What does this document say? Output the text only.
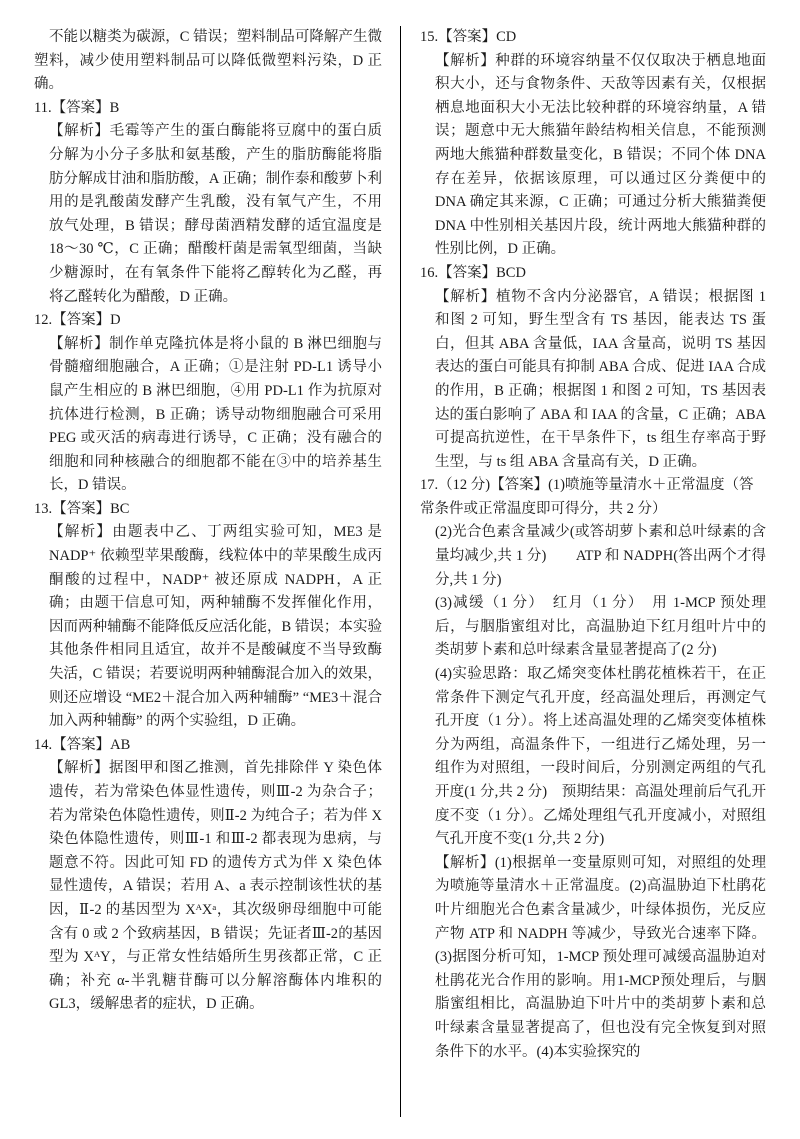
不能以糖类为碳源，C 错误；塑料制品可降解产生微塑料，减少使用塑料制品可以降低微塑料污染，D 正确。

11.【答案】B

【解析】毛霉等产生的蛋白酶能将豆腐中的蛋白质分解为小分子多肽和氨基酸，产生的脂肪酶能将脂肪分解成甘油和脂肪酸，A 正确；制作泰和酸萝卜利用的是乳酸菌发酵产生乳酸，没有氧气产生，不用放气处理，B 错误；酵母菌酒精发酵的适宜温度是 18～30 ℃，C 正确；醋酸杆菌是需氧型细菌，当缺少糖源时，在有氧条件下能将乙醇转化为乙醛，再将乙醛转化为醋酸，D 正确。

12.【答案】D

【解析】制作单克隆抗体是将小鼠的 B 淋巴细胞与骨髓瘤细胞融合，A 正确；①是注射 PD-L1 诱导小鼠产生相应的 B 淋巴细胞，④用 PD-L1 作为抗原对抗体进行检测，B 正确；诱导动物细胞融合可采用 PEG 或灭活的病毒进行诱导，C 正确；没有融合的细胞和同种核融合的细胞都不能在③中的培养基生长，D 错误。

13.【答案】BC

【解析】由题表中乙、丁两组实验可知，ME3 是 NADP⁺ 依赖型苹果酸酶，线粒体中的苹果酸生成丙酮酸的过程中，NADP⁺ 被还原成 NADPH，A 正确；由题干信息可知，两种辅酶不发挥催化作用，因而两种辅酶不能降低反应活化能，B 错误；本实验其他条件相同且适宜，故并不是酸碱度不当导致酶失活，C 错误；若要说明两种辅酶混合加入的效果，则还应增设 “ME2＋混合加入两种辅酶” “ME3＋混合加入两种辅酶” 的两个实验组，D 正确。

14.【答案】AB

【解析】据图甲和图乙推测，首先排除伴 Y 染色体遗传，若为常染色体显性遗传，则Ⅲ-2 为杂合子；若为常染色体隐性遗传，则Ⅱ-2 为纯合子；若为伴 X 染色体隐性遗传，则Ⅲ-1 和Ⅲ-2 都表现为患病，与题意不符。因此可知 FD 的遗传方式为伴 X 染色体显性遗传，A 错误；若用 A、a 表示控制该性状的基因，Ⅱ-2 的基因型为 XᴬXᵃ，其次级卵母细胞中可能含有 0 或 2 个致病基因，B 错误；先证者Ⅲ-2的基因型为 XᴬY，与正常女性结婚所生男孩都正常，C 正确；补充 α-半乳糖苷酶可以分解溶酶体内堆积的 GL3，缓解患者的症状，D 正确。

15.【答案】CD

【解析】种群的环境容纳量不仅仅取决于栖息地面积大小，还与食物条件、天敌等因素有关，仅根据栖息地面积大小无法比较种群的环境容纳量，A 错误；题意中无大熊猫年龄结构相关信息，不能预测两地大熊猫种群数量变化，B 错误；不同个体 DNA 存在差异，依据该原理，可以通过区分粪便中的 DNA 确定其来源，C 正确；可通过分析大熊猫粪便 DNA 中性别相关基因片段，统计两地大熊猫种群的性别比例，D 正确。

16.【答案】BCD

【解析】植物不含内分泌器官，A 错误；根据图 1 和图 2 可知，野生型含有 TS 基因，能表达 TS 蛋白，但其 ABA 含量低，IAA 含量高，说明 TS 基因表达的蛋白可能具有抑制 ABA 合成、促进 IAA 合成的作用，B 正确；根据图 1 和图 2 可知，TS 基因表达的蛋白影响了 ABA 和 IAA 的含量，C 正确；ABA 可提高抗逆性，在干旱条件下，ts 组生存率高于野生型，与 ts 组 ABA 含量高有关，D 正确。

17.（12 分)【答案】(1)喷施等量清水＋正常温度（答常条件或正常温度即可得分，共 2 分）

(2)光合色素含量减少(或答胡萝卜素和总叶绿素的含量均减少,共 1 分)　　ATP 和 NADPH(答出两个才得分,共 1 分)

(3)减缓（1 分）　红月（1 分）　用 1-MCP 预处理后，与胭脂蜜组对比，高温胁迫下红月组叶片中的类胡萝卜素和总叶绿素含量显著提高了(2 分)

(4)实验思路：取乙烯突变体杜鹃花植株若干，在正常条件下测定气孔开度，经高温处理后，再测定气孔开度（1 分）。将上述高温处理的乙烯突变体植株分为两组，高温条件下，一组进行乙烯处理，另一组作为对照组，一段时间后，分别测定两组的气孔开度(1 分,共 2 分)　预期结果：高温处理前后气孔开度不变（1 分）。乙烯处理组气孔开度减小，对照组气孔开度不变(1 分,共 2 分)

【解析】(1)根据单一变量原则可知，对照组的处理为喷施等量清水＋正常温度。(2)高温胁迫下杜鹃花叶片细胞光合色素含量减少，叶绿体损伤，光反应产物 ATP 和 NADPH 等减少，导致光合速率下降。(3)据图分析可知，1-MCP 预处理可减缓高温胁迫对杜鹃花光合作用的影响。用1-MCP预处理后，与胭脂蜜组相比，高温胁迫下叶片中的类胡萝卜素和总叶绿素含量显著提高了，但也没有完全恢复到对照条件下的水平。(4)本实验探究的
